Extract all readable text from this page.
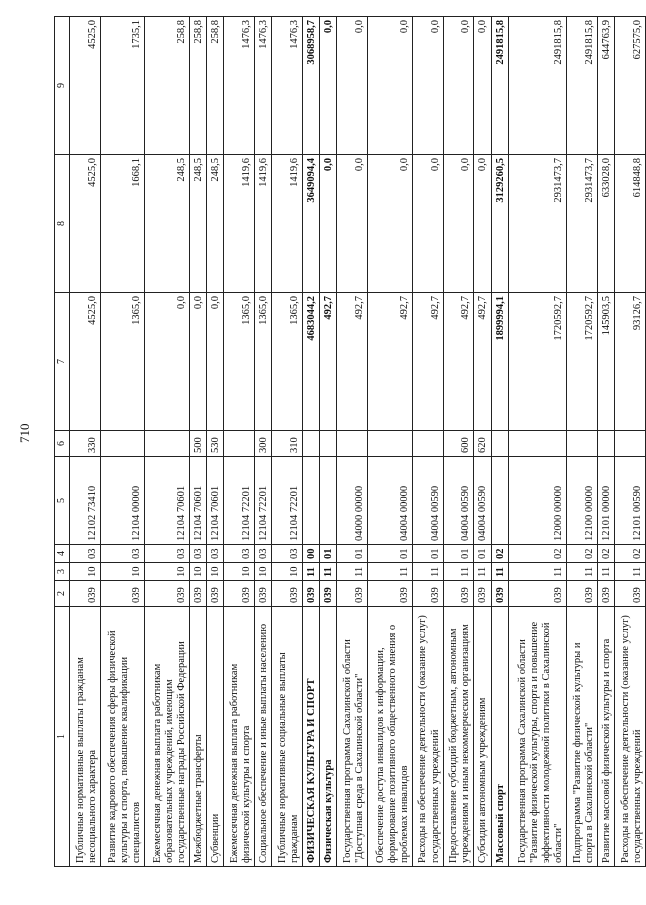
710
1	2	3	4	5	6	7	8	9
Публичные нормативные выплаты гражданам несоциального характера	039	10	03	12102 73410	330	4525,0	4525,0	4525,0
Развитие кадрового обеспечения сферы физической культуры и спорта, повышение квалификации специалистов	039	10	03	12104 00000		1365,0	1668,1	1735,1
Ежемесячная денежная выплата работникам образовательных учреждений, имеющим государственные награды Российской Федерации	039	10	03	12104 70601		0,0	248,5	258,8
Межбюджетные трансферты	039	10	03	12104 70601	500	0,0	248,5	258,8
Субвенции	039	10	03	12104 70601	530	0,0	248,5	258,8
Ежемесячная денежная выплата работникам физической культуры и спорта	039	10	03	12104 72201		1365,0	1419,6	1476,3
Социальное обеспечение и иные выплаты населению	039	10	03	12104 72201	300	1365,0	1419,6	1476,3
Публичные нормативные социальные выплаты гражданам	039	10	03	12104 72201	310	1365,0	1419,6	1476,3
ФИЗИЧЕСКАЯ КУЛЬТУРА И СПОРТ	039	11	00			4683044,2	3649094,4	3068958,7
Физическая культура	039	11	01			492,7	0,0	0,0
Государственная программа Сахалинской области "Доступная среда в Сахалинской области"	039	11	01	04000 00000		492,7	0,0	0,0
Обеспечение доступа инвалидов к информации, формирование позитивного общественного мнения о проблемах инвалидов	039	11	01	04004 00000		492,7	0,0	0,0
Расходы на обеспечение деятельности (оказание услуг) государственных учреждений	039	11	01	04004 00590		492,7	0,0	0,0
Предоставление субсидий бюджетным, автономным учреждениям и иным некоммерческим организациям	039	11	01	04004 00590	600	492,7	0,0	0,0
Субсидии автономным учреждениям	039	11	01	04004 00590	620	492,7	0,0	0,0
Массовый спорт	039	11	02			1899994,1	3129260,5	2491815,8
Государственная программа Сахалинской области "Развитие физической культуры, спорта и повышение эффективности молодежной политики в Сахалинской области"	039	11	02	12000 00000		1720592,7	2931473,7	2491815,8
Подпрограмма "Развитие физической культуры и спорта в Сахалинской области"	039	11	02	12100 00000		1720592,7	2931473,7	2491815,8
Развитие массовой физической культуры и спорта	039	11	02	12101 00000		145903,5	633028,0	644763,9
Расходы на обеспечение деятельности (оказание услуг) государственных учреждений	039	11	02	12101 00590		93126,7	614848,8	627575,0
